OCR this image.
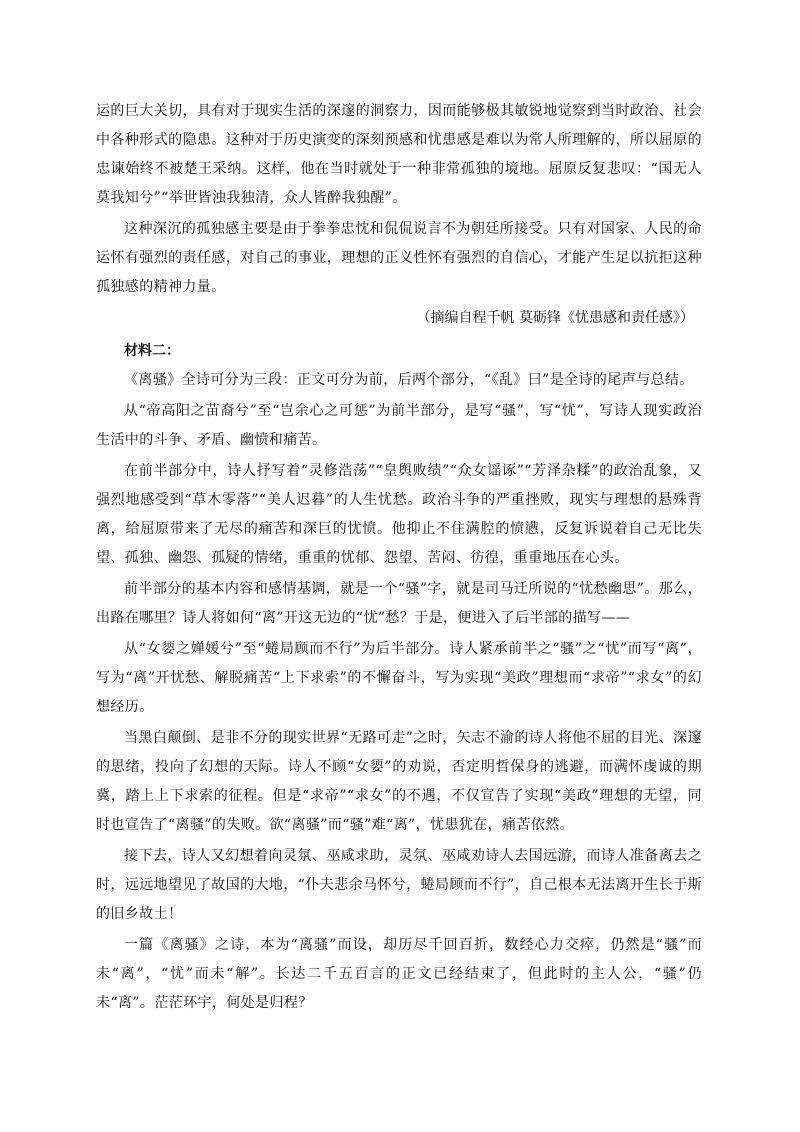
运的巨大关切，具有对于现实生活的深邃的洞察力，因而能够极其敏锐地觉察到当时政治、社会中各种形式的隐患。这种对于历史演变的深刻预感和忧患感是难以为常人所理解的，所以屈原的忠谏始终不被楚王采纳。这样，他在当时就处于一种非常孤独的境地。屈原反复悲叹：“国无人莫我知兮”“举世皆浊我独清，众人皆醉我独醒”。

这种深沉的孤独感主要是由于拳拳忠忱和侃侃说言不为朝廷所接受。只有对国家、人民的命运怀有强烈的责任感，对自己的事业，理想的正义性怀有强烈的自信心，才能产生足以抗拒这种孤独感的精神力量。

（摘编自程千帆 莫砺锋《忧患感和责任感》）

材料二：

《离骚》全诗可分为三段：正文可分为前，后两个部分，“《乱》曰”是全诗的尾声与总结。

从“帝高阳之苗裔兮”至“岂余心之可惩”为前半部分，是写“骚”，写“忧”，写诗人现实政治生活中的斗争、矛盾、幽愤和痛苦。

在前半部分中，诗人抒写着“灵修浩荡”“皇舆败绩”“众女谣诼”“芳泽杂糅”的政治乱象，又强烈地感受到“草木零落”“美人迟暮”的人生忧愁。政治斗争的严重挫败，现实与理想的悬殊背离，给屈原带来了无尽的痛苦和深巨的忧愤。他抑止不住满腔的愤懑，反复诉说着自己无比失望、孤独、幽怨、孤疑的情绪，重重的忧郁、怨望、苦闷、彷徨，重重地压在心头。

前半部分的基本内容和感情基调，就是一个“骚”字，就是司马迁所说的“忧愁幽思”。那么，出路在哪里？诗人将如何“离”开这无边的“忧”愁？于是，便进入了后半部的描写——

从“女媭之婵媛兮”至“蜷局顾而不行”为后半部分。诗人紧承前半之“骚”之“忧”而写“离”，写为“离”开忧愁、解脱痛苦“上下求索”的不懈奋斗，写为实现“美政”理想而“求帝”“求女”的幻想经历。

当黑白颠倒、是非不分的现实世界“无路可走”之时，矢志不渝的诗人将他不屈的目光、深邃的思绪，投向了幻想的天际。诗人不顾“女媭”的劝说，否定明哲保身的逃避，而满怀虔诚的期冀，踏上上下求索的征程。但是“求帝”“求女”的不遇，不仅宣告了实现“美政”理想的无望，同时也宣告了“离骚”的失败。欲“离骚”而“骚”难“离”，忧患犹在，痛苦依然。

接下去，诗人又幻想着向灵氛、巫咸求助，灵氛、巫咸劝诗人去国远游，而诗人准备离去之时，远远地望见了故国的大地，“仆夫悲余马怀兮，蜷局顾而不行”，自己根本无法离开生长于斯的旧乡故土！

一篇《离骚》之诗，本为“离骚”而设，却历尽千回百折，数经心力交瘁，仍然是“骚”而未“离”，“忧”而未“解”。长达二千五百言的正文已经结束了，但此时的主人公，“骚”仍未“离”。茫茫环宇，何处是归程？
